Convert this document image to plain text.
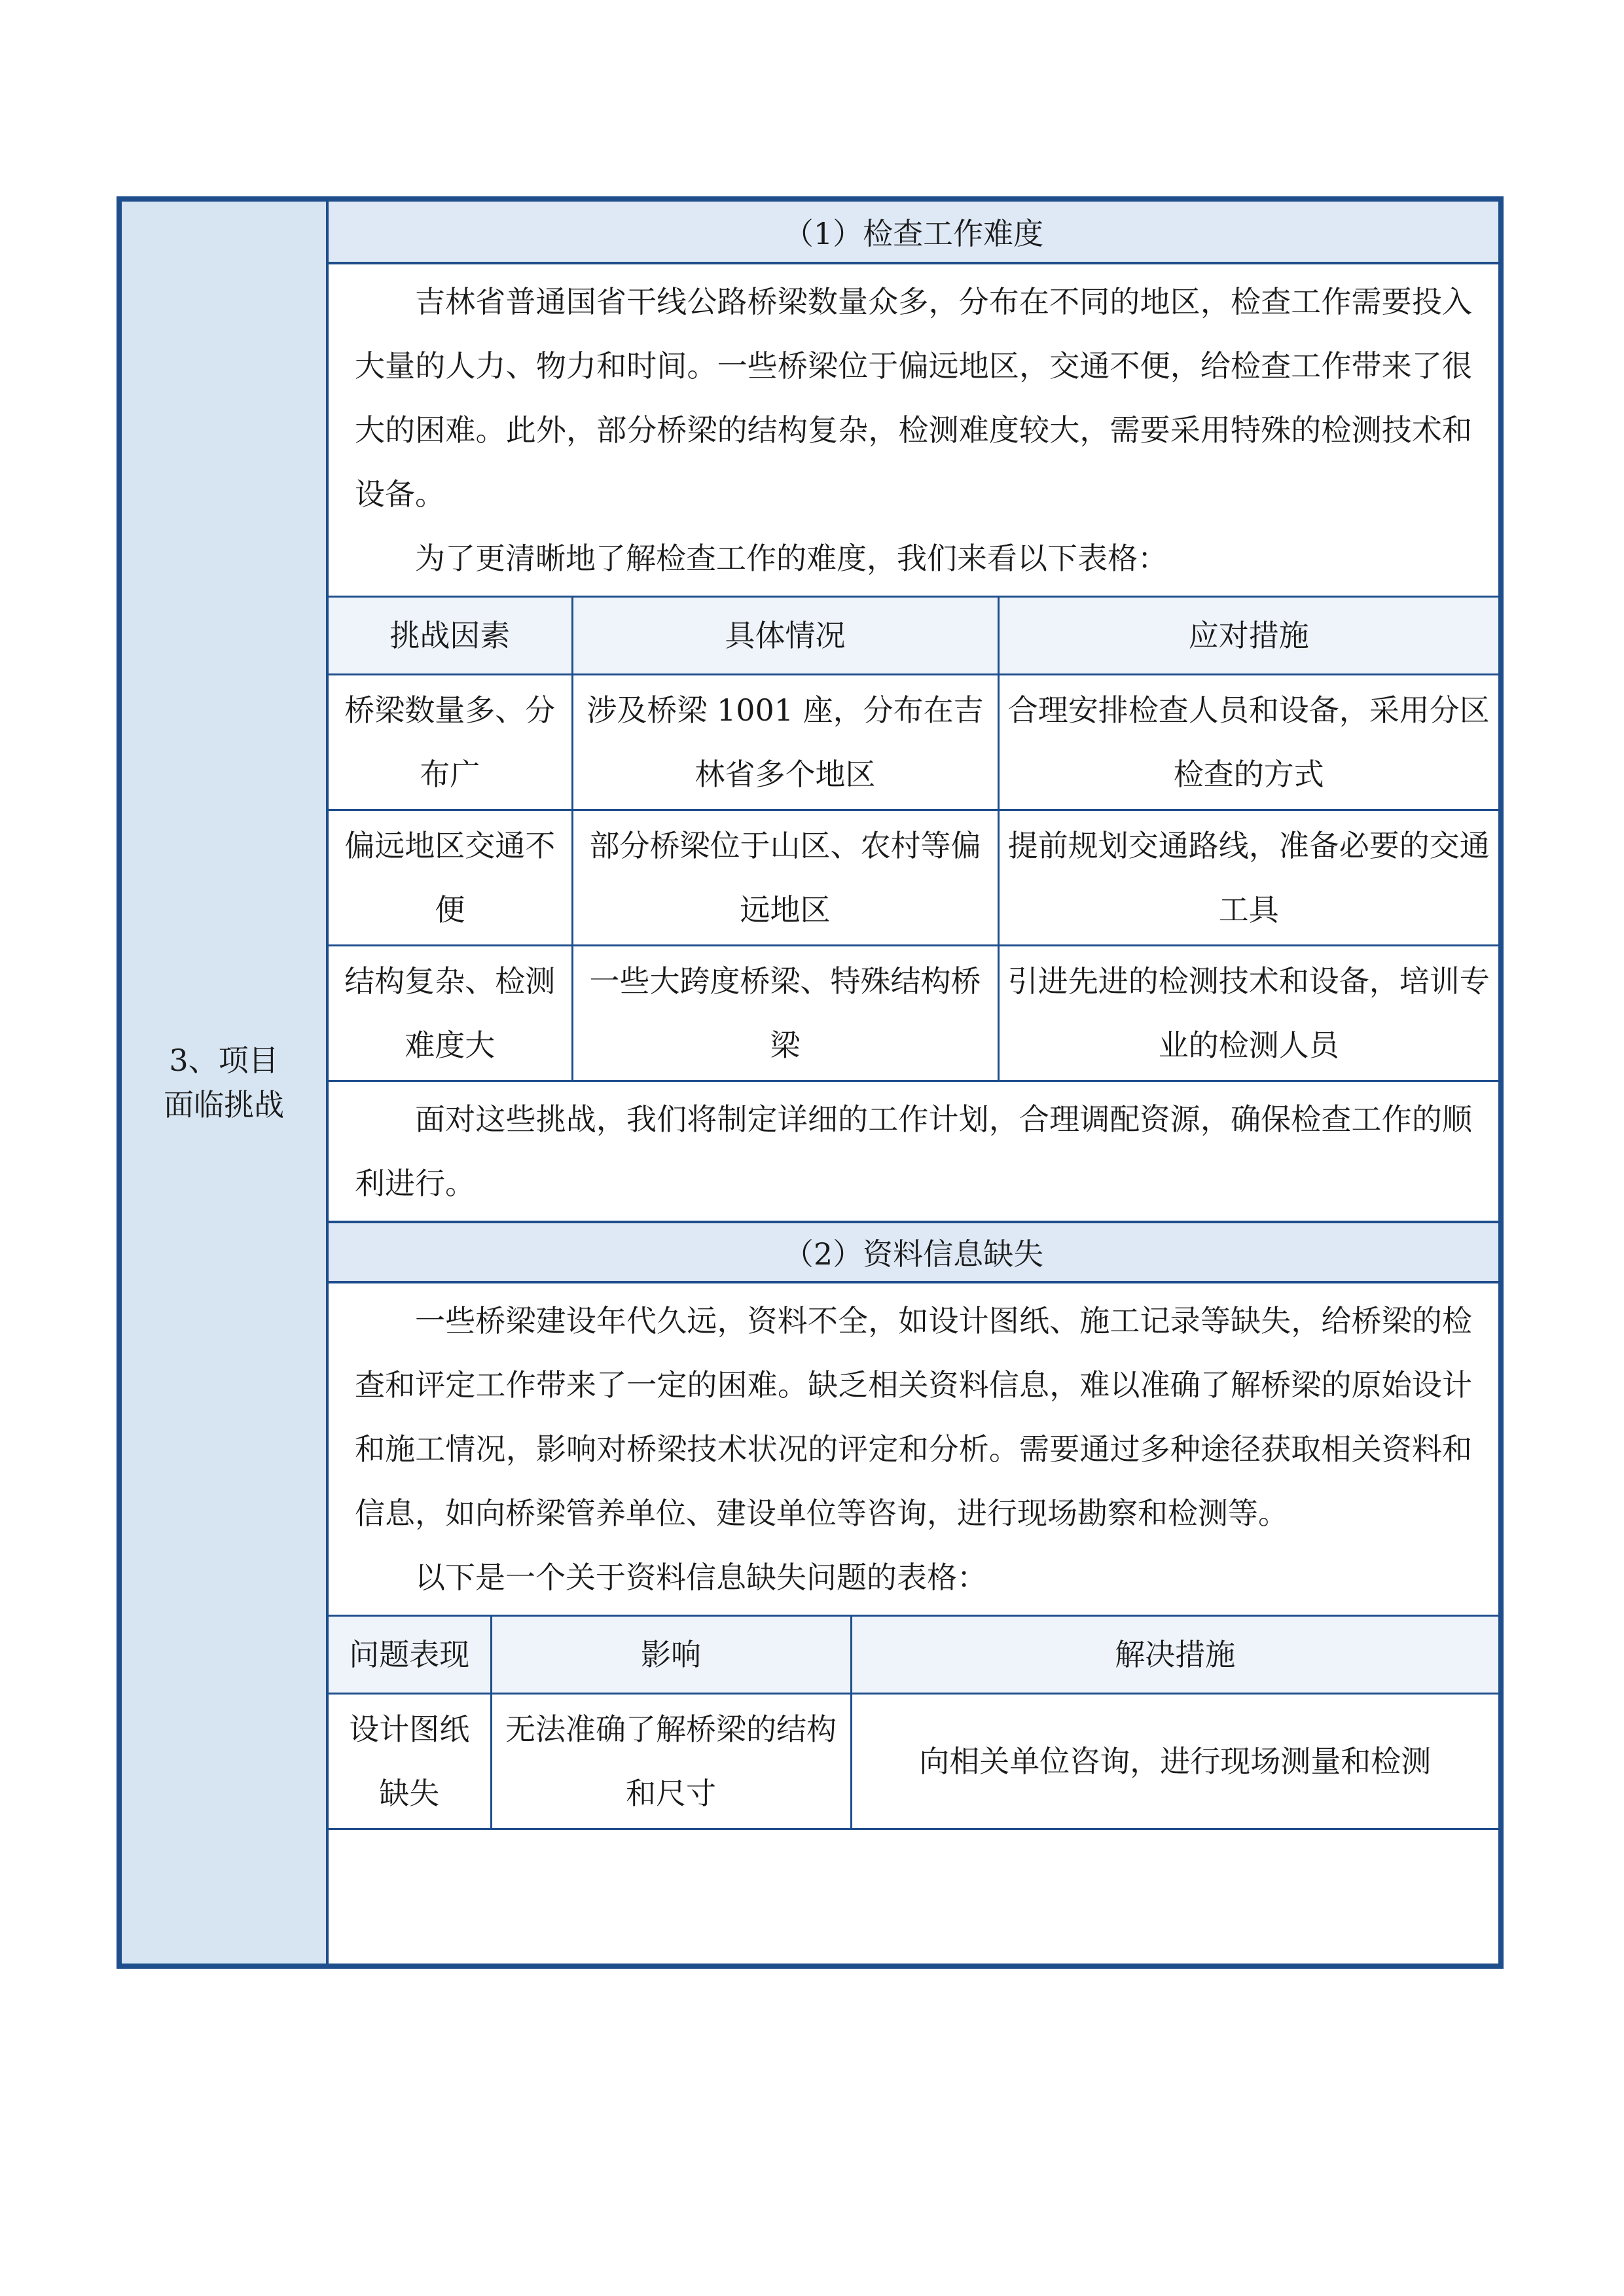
3、项目面临挑战
（1）检查工作难度

吉林省普通国省干线公路桥梁数量众多，分布在不同的地区，检查工作需要投入大量的人力、物力和时间。一些桥梁位于偏远地区，交通不便，给检查工作带来了很大的困难。此外，部分桥梁的结构复杂，检测难度较大，需要采用特殊的检测技术和设备。

为了更清晰地了解检查工作的难度，我们来看以下表格：

挑战因素	具体情况	应对措施
桥梁数量多、分布广	涉及桥梁 1001 座，分布在吉林省多个地区	合理安排检查人员和设备，采用分区检查的方式
偏远地区交通不便	部分桥梁位于山区、农村等偏远地区	提前规划交通路线，准备必要的交通工具
结构复杂、检测难度大	一些大跨度桥梁、特殊结构桥梁	引进先进的检测技术和设备，培训专业的检测人员

面对这些挑战，我们将制定详细的工作计划，合理调配资源，确保检查工作的顺利进行。

（2）资料信息缺失

一些桥梁建设年代久远，资料不全，如设计图纸、施工记录等缺失，给桥梁的检查和评定工作带来了一定的困难。缺乏相关资料信息，难以准确了解桥梁的原始设计和施工情况，影响对桥梁技术状况的评定和分析。需要通过多种途径获取相关资料和信息，如向桥梁管养单位、建设单位等咨询，进行现场勘察和检测等。

以下是一个关于资料信息缺失问题的表格：

问题表现	影响	解决措施
设计图纸缺失	无法准确了解桥梁的结构和尺寸	向相关单位咨询，进行现场测量和检测
